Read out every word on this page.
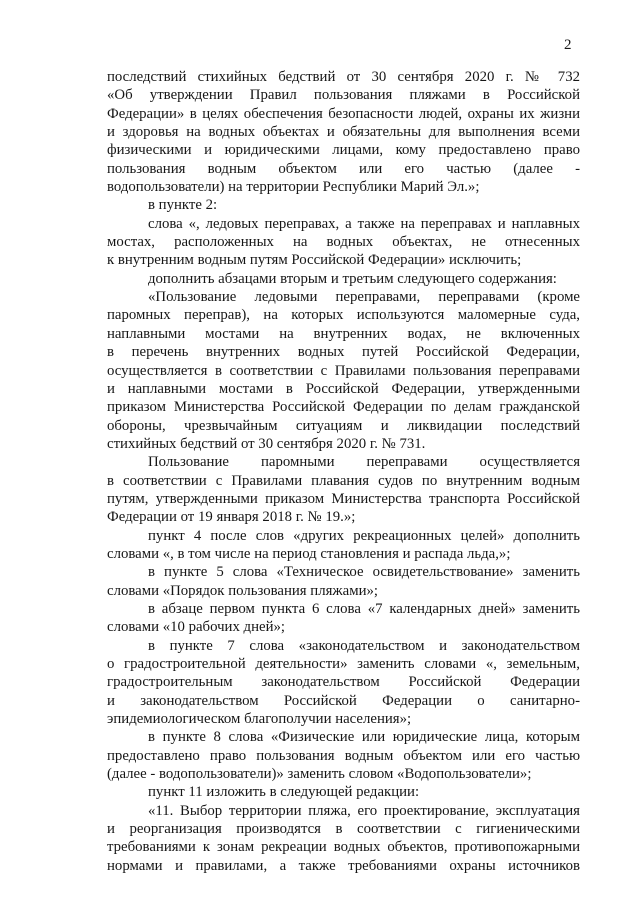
2
последствий стихийных бедствий от 30 сентября 2020 г. № 732
«Об утверждении Правил пользования пляжами в Российской
Федерации» в целях обеспечения безопасности людей, охраны их жизни
и здоровья на водных объектах и обязательны для выполнения всеми
физическими и юридическими лицами, кому предоставлено право
пользования водным объектом или его частью (далее -
водопользователи) на территории Республики Марий Эл.»;
в пункте 2:
слова «, ледовых переправах, а также на переправах и наплавных
мостах, расположенных на водных объектах, не отнесенных
к внутренним водным путям Российской Федерации» исключить;
дополнить абзацами вторым и третьим следующего содержания:
«Пользование ледовыми переправами, переправами (кроме
паромных переправ), на которых используются маломерные суда,
наплавными мостами на внутренних водах, не включенных
в перечень внутренних водных путей Российской Федерации,
осуществляется в соответствии с Правилами пользования переправами
и наплавными мостами в Российской Федерации, утвержденными
приказом Министерства Российской Федерации по делам гражданской
обороны, чрезвычайным ситуациям и ликвидации последствий
стихийных бедствий от 30 сентября 2020 г. № 731.
Пользование паромными переправами осуществляется
в соответствии с Правилами плавания судов по внутренним водным
путям, утвержденными приказом Министерства транспорта Российской
Федерации от 19 января 2018 г. № 19.»;
пункт 4 после слов «других рекреационных целей» дополнить
словами «, в том числе на период становления и распада льда,»;
в пункте 5 слова «Техническое освидетельствование» заменить
словами «Порядок пользования пляжами»;
в абзаце первом пункта 6 слова «7 календарных дней» заменить
словами «10 рабочих дней»;
в пункте 7 слова «законодательством и законодательством
о градостроительной деятельности» заменить словами «, земельным,
градостроительным законодательством Российской Федерации
и законодательством Российской Федерации о санитарно-
эпидемиологическом благополучии населения»;
в пункте 8 слова «Физические или юридические лица, которым
предоставлено право пользования водным объектом или его частью
(далее - водопользователи)» заменить словом «Водопользователи»;
пункт 11 изложить в следующей редакции:
«11. Выбор территории пляжа, его проектирование, эксплуатация
и реорганизация производятся в соответствии с гигиеническими
требованиями к зонам рекреации водных объектов, противопожарными
нормами и правилами, а также требованиями охраны источников
